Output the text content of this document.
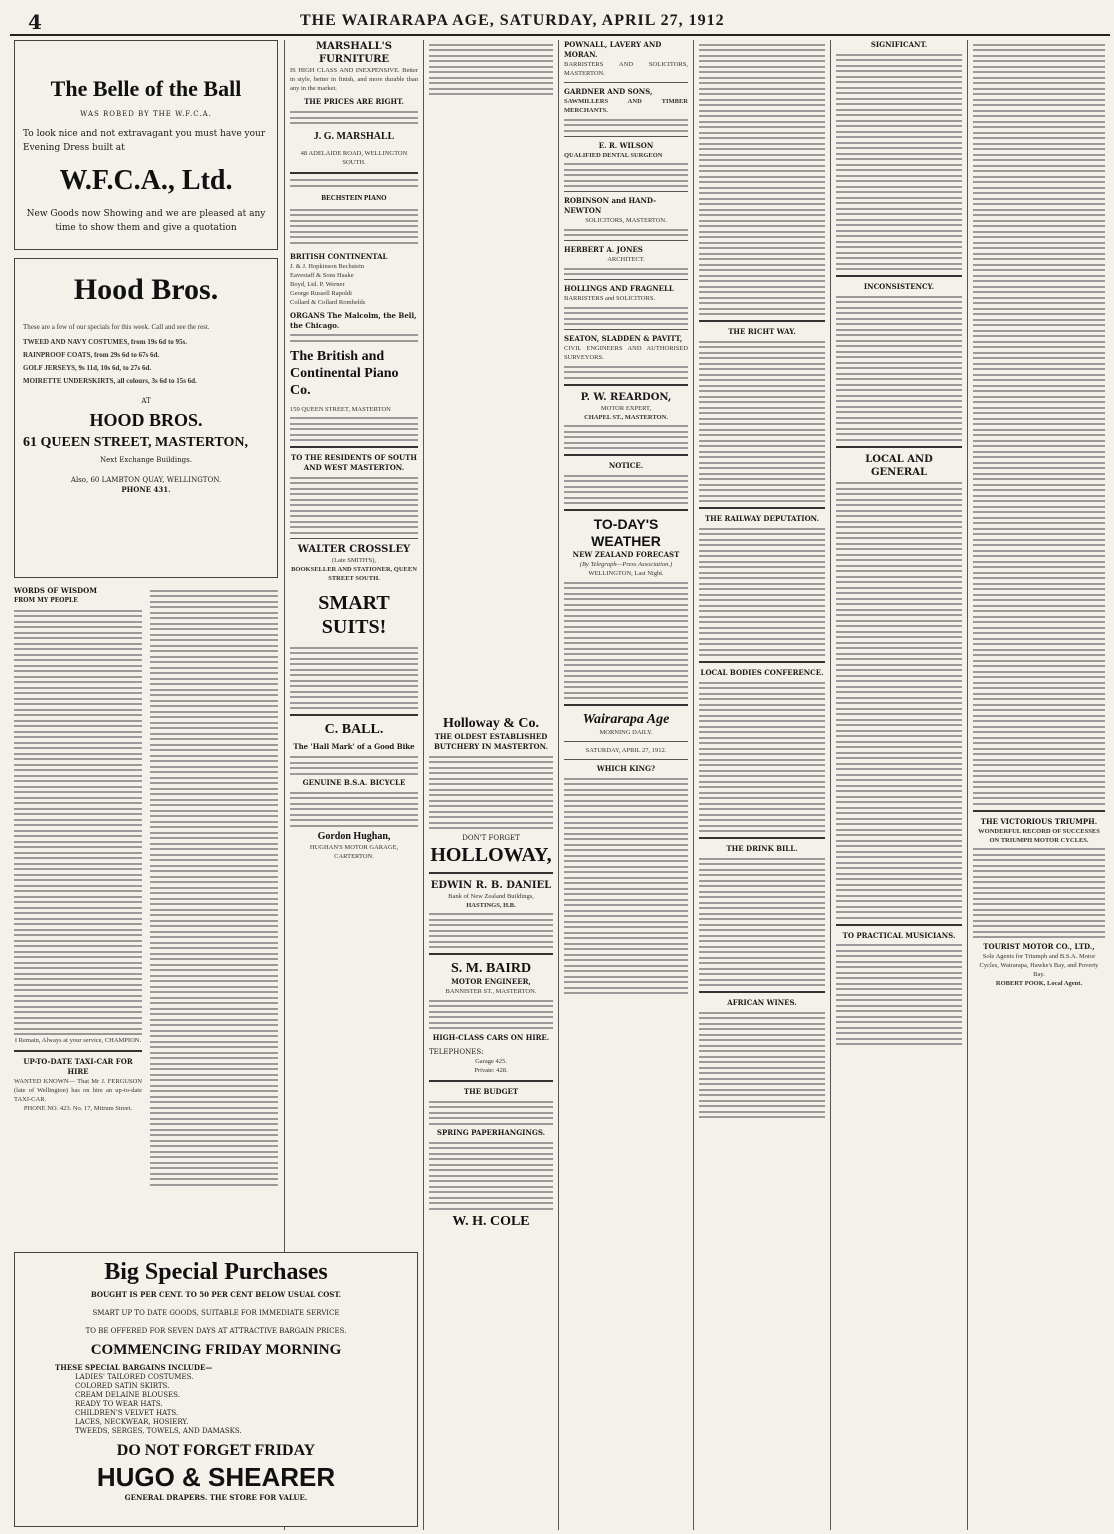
4	THE WAIRARAPA AGE, SATURDAY, APRIL 27, 1912
The Belle of the Ball
WAS ROBED BY THE W.F.C.A.
To look nice and not extravagant you must have your Evening Dress built at
W.F.C.A., Ltd.
New Goods now Showing and we are pleased at any time to show them and give a quotation
Hood Bros.
These are a few of our specials for this week. Call and see the rest.
TWEED AND NAVY COSTUMES, from 19s 6d to 95s.
RAINPROOF COATS, from 29s 6d to 67s 6d.
GOLF JERSEYS, 9s 11d, 10s 6d, to 27s 6d.
MOIRETTE UNDERSKIRTS, all colours, 3s 6d to 15s 6d.
AT
HOOD BROS.
61 QUEEN STREET, MASTERTON,
Next Exchange Buildings.
Also, 60 LAMBTON QUAY, WELLINGTON.
PHONE 431.
WORDS OF WISDOM
FROM MY PEOPLE
I Remain, Always at your service, CHAMPION.
UP-TO-DATE TAXI-CAR FOR HIRE
WANTED KNOWN— That Mr J. FERGUSON (late of Wellington) has on hire an up-to-date TAXI-CAR.
PHONE NO. 423. No. 17, Mitrum Street.
Big Special Purchases
BOUGHT IS PER CENT. TO 50 PER CENT BELOW USUAL COST.
SMART UP TO DATE GOODS, SUITABLE FOR IMMEDIATE SERVICE
TO BE OFFERED FOR SEVEN DAYS AT ATTRACTIVE BARGAIN PRICES.
COMMENCING FRIDAY MORNING
THESE SPECIAL BARGAINS INCLUDE—
LADIES' TAILORED COSTUMES.
COLORED SATIN SKIRTS.
CREAM DELAINE BLOUSES.
READY TO WEAR HATS.
CHILDREN'S VELVET HATS.
LACES, NECKWEAR, HOSIERY.
TWEEDS, SERGES, TOWELS, AND DAMASKS.
DO NOT FORGET FRIDAY
HUGO & SHEARER
GENERAL DRAPERS. THE STORE FOR VALUE.
MARSHALL'S FURNITURE
IS HIGH CLASS AND INEXPENSIVE. Better in style, better in finish, and more durable than any in the market.
THE PRICES ARE RIGHT.
J. G. MARSHALL
48 ADELAIDE ROAD, WELLINGTON SOUTH.
BECHSTEIN PIANO
BRITISH CONTINENTAL
J. & J. Hopkinson Bechstein
Eavestaff & Sons Haake
Boyd, Ltd. P. Werner
George Russell Rapoldi
Collard & Collard Romhelds
ORGANS The Malcolm, the Bell, the Chicago.
The British and Continental Piano Co.
159 QUEEN STREET, MASTERTON
TO THE RESIDENTS OF SOUTH AND WEST MASTERTON.
WALTER CROSSLEY
(Late SMITH'S),
BOOKSELLER AND STATIONER, QUEEN STREET SOUTH.
SMART SUITS!
C. BALL.
The 'Hall Mark' of a Good Bike
GENUINE B.S.A. BICYCLE
Gordon Hughan,
HUGHAN'S MOTOR GARAGE, CARTERTON.
Holloway & Co.
THE OLDEST ESTABLISHED BUTCHERY IN MASTERTON.
DON'T FORGET
HOLLOWAY,
EDWIN R. B. DANIEL
Bank of New Zealand Buildings,
HASTINGS, H.B.
S. M. BAIRD
MOTOR ENGINEER,
BANNISTER ST., MASTERTON.
HIGH-CLASS CARS ON HIRE.
TELEPHONES:
Garage 425.
Private: 428.
THE BUDGET
SPRING PAPERHANGINGS.
W. H. COLE
POWNALL, LAVERY AND MORAN.
BARRISTERS AND SOLICITORS, MASTERTON.
GARDNER AND SONS,
SAWMILLERS AND TIMBER MERCHANTS.
E. R. WILSON
QUALIFIED DENTAL SURGEON
ROBINSON and HAND-NEWTON
SOLICITORS, MASTERTON.
HERBERT A. JONES
ARCHITECT.
HOLLINGS AND FRAGNELL
BARRISTERS and SOLICITORS.
SEATON, SLADDEN & PAVITT,
CIVIL ENGINEERS AND AUTHORISED SURVEYORS.
P. W. REARDON,
MOTOR EXPERT,
CHAPEL ST., MASTERTON.
NOTICE.
TO-DAY'S WEATHER
NEW ZEALAND FORECAST
(By Telegraph—Press Association.)
WELLINGTON, Last Night.
Wairarapa Age
MORNING DAILY.
SATURDAY, APRIL 27, 1912.
WHICH KING?
THE RICHT WAY.
THE RAILWAY DEPUTATION.
LOCAL BODIES CONFERENCE.
THE DRINK BILL.
AFRICAN WINES.
SIGNIFICANT.
INCONSISTENCY.
LOCAL AND GENERAL
TO PRACTICAL MUSICIANS.
THE VICTORIOUS TRIUMPH.
WONDERFUL RECORD OF SUCCESSES ON TRIUMPH MOTOR CYCLES.
TOURIST MOTOR CO., LTD.,
Sole Agents for Triumph and B.S.A. Motor Cycles, Wairarapa, Hawke's Bay, and Poverty Bay.
ROBERT POOK, Local Agent.
